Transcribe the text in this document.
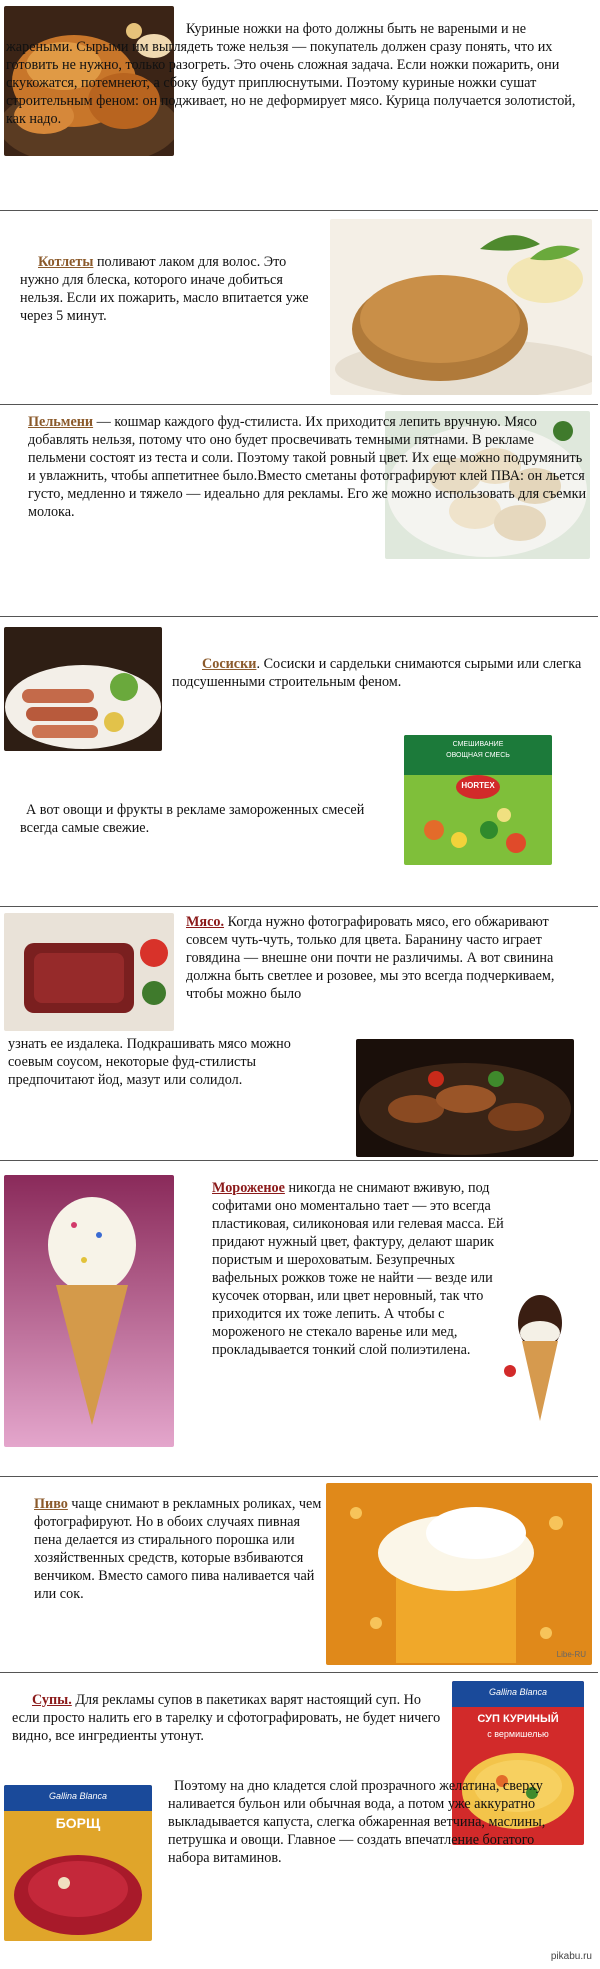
Куриные ножки на фото должны быть не варeными и не жареными. Сырыми им выглядеть тоже нельзя — покупатель должен сразу понять, что их готовить не нужно, только разогреть. Это очень сложная задача. Если ножки пожарить, они скукожатся, потемнеют, а сбоку будут приплюснутыми. Поэтому куриные ножки сушат строительным феном: он подживает, но не деформирует мясо. Курица получается золотистой, как надо.
Котлеты поливают лаком для волос. Это нужно для блеска, которого иначе добиться нельзя. Если их пожарить, масло впитается уже через 5 минут.
Пельмени — кошмар каждого фуд-стилиста. Их приходится лепить вручную. Мясо добавлять нельзя, потому что оно будет просвечивать темными пятнами. В рекламе пельмени состоят из теста и соли. Поэтому такой ровный цвет. Их еще можно подрумянить и увлажнить, чтобы аппетитнее было.Вместо сметаны фотографируют клей ПВА: он льется густо, медленно и тяжело — идеально для рекламы. Его же можно использовать для съемки молока.
Сосиски. Сосиски и сардельки снимаются сырыми или слегка подсушенными строительным феном.
А вот овощи и фрукты в рекламе замороженных смесей всегда самые свежие.
СМЕШИВАНИЕ
ОВОЩНАЯ СМЕСЬ
HORTEX
Мясо. Когда нужно фотографировать мясо, его обжаривают совсем чуть-чуть, только для цвета. Баранину часто играет говядина — внешне они почти не различимы. А вот свинина должна быть светлее и розовее, мы это всегда подчеркиваем, чтобы можно было
узнать ее издалека. Подкрашивать мясо можно соевым соусом, некоторые фуд-стилисты предпочитают йод, мазут или солидол.
Мороженое никогда не снимают вживую, под софитами оно моментально тает — это всегда пластиковая, силиконовая или гелевая масса. Ей придают нужный цвет, фактуру, делают шарик пористым и шероховатым. Безупречных вафельных рожков тоже не найти — везде или кусочек оторван, или цвет неровный, так что приходится их тоже лепить. А чтобы с мороженого не стекало варенье или мед, прокладывается тонкий слой полиэтилена.
Пиво чаще снимают в рекламных роликах, чем фотографируют. Но в обоих случаях пивная пена делается из стирального порошка или хозяйственных средств, которые взбиваются венчиком. Вместо самого пива наливается чай или сок.
Libe-RU
Супы. Для рекламы супов в пакетиках варят настоящий суп. Но если просто налить его в тарелку и сфотографировать, не будет ничего видно, все ингредиенты утонут.
Gallina Blanca
СУП КУРИНЫЙ
с вермишелью
Gallina Blanca
БОРЩ
Поэтому на дно кладется слой прозрачного желатина, сверху наливается бульон или обычная вода, а потом уже аккуратно выкладывается капуста, слегка обжаренная ветчина, маслины, петрушка и овощи. Главное — создать впечатление богатого набора витаминов.
pikabu.ru
